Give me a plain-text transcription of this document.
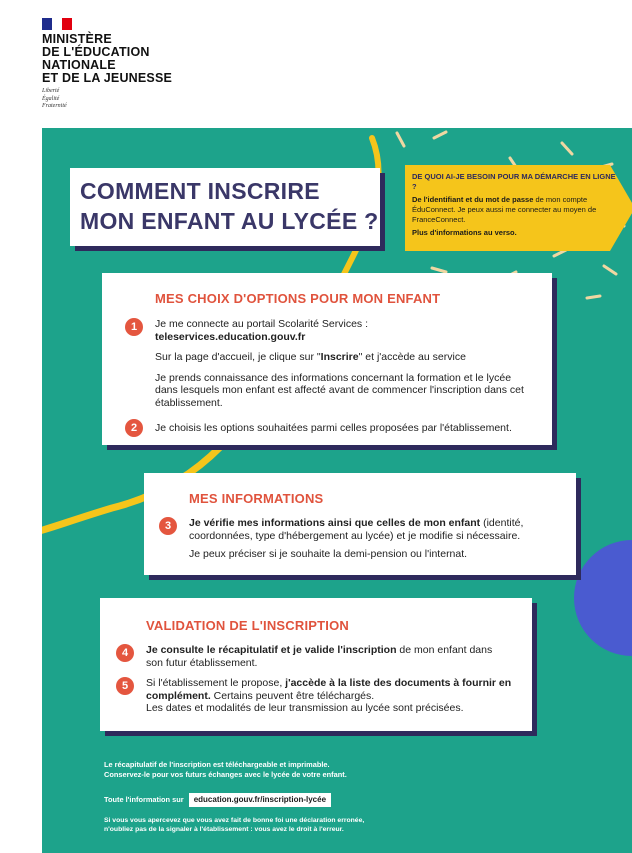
MINISTÈRE
DE L'ÉDUCATION
NATIONALE
ET DE LA JEUNESSE
Liberté
Égalité
Fraternité
COMMENT INSCRIRE
MON ENFANT AU LYCÉE ?
DE QUOI AI-JE BESOIN POUR MA DÉMARCHE EN LIGNE ?
De l'identifiant et du mot de passe de mon compte ÉduConnect. Je peux aussi me connecter au moyen de FranceConnect.
Plus d'informations au verso.
MES CHOIX D'OPTIONS POUR MON ENFANT
1	Je me connecte au portail Scolarité Services :
teleservices.education.gouv.fr
Sur la page d'accueil, je clique sur "Inscrire" et j'accède au service
Je prends connaissance des informations concernant la formation et le lycée dans lesquels mon enfant est affecté avant de commencer l'inscription dans cet établissement.
2	Je choisis les options souhaitées parmi celles proposées par l'établissement.
MES INFORMATIONS
3	Je vérifie mes informations ainsi que celles de mon enfant (identité, coordonnées, type d'hébergement au lycée) et je modifie si nécessaire.
Je peux préciser si je souhaite la demi-pension ou l'internat.
VALIDATION DE L'INSCRIPTION
4	Je consulte le récapitulatif et je valide l'inscription de mon enfant dans son futur établissement.
5	Si l'établissement le propose, j'accède à la liste des documents à fournir en complément. Certains peuvent être téléchargés.
Les dates et modalités de leur transmission au lycée sont précisées.
Le récapitulatif de l'inscription est téléchargeable et imprimable.
Conservez-le pour vos futurs échanges avec le lycée de votre enfant.
Toute l'information sur education.gouv.fr/inscription-lycée
Si vous vous apercevez que vous avez fait de bonne foi une déclaration erronée,
n'oubliez pas de la signaler à l'établissement : vous avez le droit à l'erreur.
